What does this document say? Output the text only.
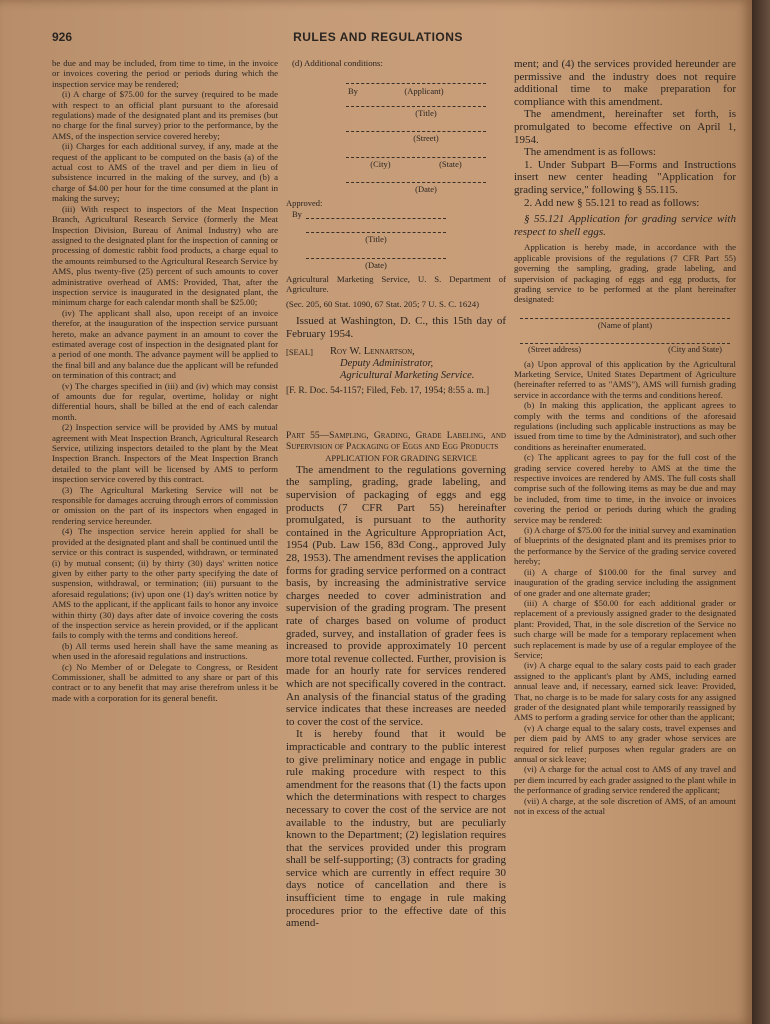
926	RULES AND REGULATIONS

be due and may be included, from time to time, in the invoice or invoices covering the period or periods during which the inspection service may be rendered;

(i) A charge of $75.00 for the survey (required to be made with respect to an official plant pursuant to the aforesaid regulations) made of the designated plant and its premises (but no charge for the final survey) prior to the performance, by the AMS, of the inspection service covered hereby;

(ii) Charges for each additional survey, if any, made at the request of the applicant to be computed on the basis (a) of the actual cost to AMS of the travel and per diem in lieu of subsistence incurred in the making of the survey, and (b) a charge of $4.00 per hour for the time consumed at the plant in making the survey;

(iii) With respect to inspectors of the Meat Inspection Branch, Agricultural Research Service (formerly the Meat Inspection Division, Bureau of Animal Industry) who are assigned to the designated plant for the inspection of canning or processing of domestic rabbit food products, a charge equal to the amounts reimbursed to the Agricultural Research Service by AMS, plus twenty-five (25) percent of such amounts to cover administrative overhead of AMS: Provided, That, after the inspection service is inaugurated in the designated plant, the minimum charge for each calendar month shall be $25.00;

(iv) The applicant shall also, upon receipt of an invoice therefor, at the inauguration of the inspection service pursuant hereto, make an advance payment in an amount to cover the estimated average cost of inspection in the designated plant for a period of one month. The advance payment will be applied to the final bill and any balance due the applicant will be refunded on termination of this contract; and

(v) The charges specified in (iii) and (iv) which may consist of amounts due for regular, overtime, holiday or night differential hours, shall be billed at the end of each calendar month.

(2) Inspection service will be provided by AMS by mutual agreement with Meat Inspection Branch, Agricultural Research Service, utilizing inspectors detailed to the plant by the Meat Inspection Branch. Inspectors of the Meat Inspection Branch detailed to the plant will be licensed by AMS to perform inspection service covered by this contract.

(3) The Agricultural Marketing Service will not be responsible for damages accruing through errors of commission or omission on the part of its inspectors when engaged in rendering service hereunder.

(4) The inspection service herein applied for shall be provided at the designated plant and shall be continued until the service or this contract is suspended, withdrawn, or terminated (i) by mutual consent; (ii) by thirty (30) days' written notice given by either party to the other party specifying the date of suspension, withdrawal, or termination; (iii) pursuant to the aforesaid regulations; (iv) upon one (1) day's written notice by AMS to the applicant, if the applicant fails to honor any invoice within thirty (30) days after date of invoice covering the costs of the inspection service as herein provided, or if the applicant fails to comply with the terms and conditions hereof.

(b) All terms used herein shall have the same meaning as when used in the aforesaid regulations and instructions.

(c) No Member of or Delegate to Congress, or Resident Commissioner, shall be admitted to any share or part of this contract or to any benefit that may arise therefrom unless it be made with a corporation for its general benefit.

(d) Additional conditions:

By	(Applicant)
(Title)
(Street)
(City)	(State)
(Date)

Approved:

By
(Title)
(Date)

Agricultural Marketing Service, U. S. Department of Agriculture.

(Sec. 205, 60 Stat. 1090, 67 Stat. 205; 7 U. S. C. 1624)

Issued at Washington, D. C., this 15th day of February 1954.

[SEAL]	Roy W. Lennartson,
Deputy Administrator,
Agricultural Marketing Service.

[F. R. Doc. 54-1157; Filed, Feb. 17, 1954; 8:55 a. m.]

Part 55—Sampling, Grading, Grade Labeling, and Supervision of Packaging of Eggs and Egg Products

APPLICATION FOR GRADING SERVICE

The amendment to the regulations governing the sampling, grading, grade labeling, and supervision of packaging of eggs and egg products (7 CFR Part 55) hereinafter promulgated, is pursuant to the authority contained in the Agriculture Appropriation Act, 1954 (Pub. Law 156, 83d Cong., approved July 28, 1953). The amendment revises the application forms for grading service performed on a contract basis, by increasing the administrative service charges needed to cover administration and supervision of the grading program. The present rate of charges based on volume of product graded, survey, and installation of grader fees is increased to provide approximately 10 percent more total revenue collected. Further, provision is made for an hourly rate for services rendered which are not specifically covered in the contract. An analysis of the financial status of the grading service indicates that these increases are needed to cover the cost of the service.

It is hereby found that it would be impracticable and contrary to the public interest to give preliminary notice and engage in public rule making procedure with respect to this amendment for the reasons that (1) the facts upon which the determinations with respect to charges necessary to cover the cost of the service are not available to the industry, but are peculiarly known to the Department; (2) legislation requires that the services provided under this program shall be self-supporting; (3) contracts for grading service which are currently in effect require 30 days notice of cancellation and there is insufficient time to engage in rule making procedures prior to the effective date of this amend-

ment; and (4) the services provided hereunder are permissive and the industry does not require additional time to make preparation for compliance with this amendment.

The amendment, hereinafter set forth, is promulgated to become effective on April 1, 1954.

The amendment is as follows:

1. Under Subpart B—Forms and Instructions insert new center heading "Application for grading service," following § 55.115.

2. Add new § 55.121 to read as follows:

§ 55.121 Application for grading service with respect to shell eggs.

Application is hereby made, in accordance with the applicable provisions of the regulations (7 CFR Part 55) governing the sampling, grading, grade labeling, and supervision of packaging of eggs and egg products, for grading service to be performed at the plant hereinafter designated:

(Name of plant)
(Street address)	(City and State)

(a) Upon approval of this application by the Agricultural Marketing Service, United States Department of Agriculture (hereinafter referred to as "AMS"), AMS will furnish grading service in accordance with the terms and conditions hereof.

(b) In making this application, the applicant agrees to comply with the terms and conditions of the aforesaid regulations (including such applicable instructions as may be issued from time to time by the Administrator), and such other conditions as hereinafter enumerated.

(c) The applicant agrees to pay for the full cost of the grading service covered hereby to AMS at the time the respective invoices are rendered by AMS. The full costs shall comprise such of the following items as may be due and may be included, from time to time, in the invoice or invoices covering the period or periods during which the grading service may be rendered:

(i) A charge of $75.00 for the initial survey and examination of blueprints of the designated plant and its premises prior to the performance by the Service of the grading service covered hereby;

(ii) A charge of $100.00 for the final survey and inauguration of the grading service including the assignment of one grader and one alternate grader;

(iii) A charge of $50.00 for each additional grader or replacement of a previously assigned grader to the designated plant: Provided, That, in the sole discretion of the Service no such charge will be made for a temporary replacement when such replacement is made by use of a regular employee of the Service;

(iv) A charge equal to the salary costs paid to each grader assigned to the applicant's plant by AMS, including earned annual leave and, if necessary, earned sick leave: Provided, That, no charge is to be made for salary costs for any assigned grader of the designated plant while temporarily reassigned by AMS to perform a grading service for other than the applicant;

(v) A charge equal to the salary costs, travel expenses and per diem paid by AMS to any grader whose services are required for relief purposes when regular graders are on annual or sick leave;

(vi) A charge for the actual cost to AMS of any travel and per diem incurred by each grader assigned to the plant while in the performance of grading service rendered the applicant;

(vii) A charge, at the sole discretion of AMS, of an amount not in excess of the actual
